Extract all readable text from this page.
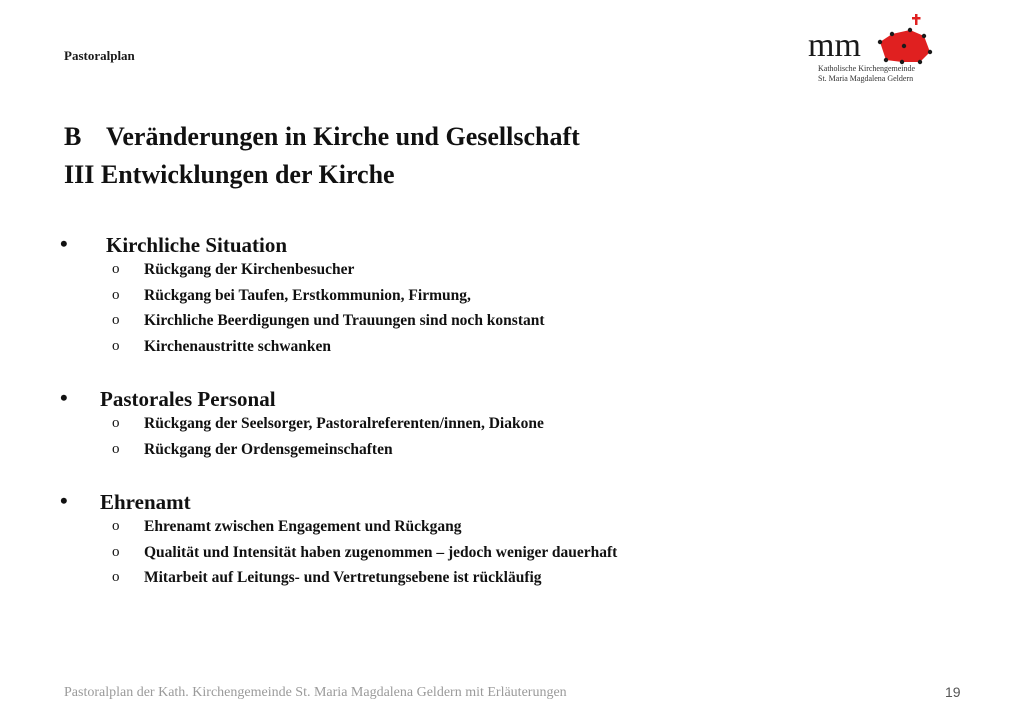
Pastoralplan	mm
Katholische Kirchengemeinde
St. Maria Magdalena Geldern
B Veränderungen in Kirche und Gesellschaft
III Entwicklungen der Kirche
•	Kirchliche Situation
o Rückgang der Kirchenbesucher
o Rückgang bei Taufen, Erstkommunion, Firmung,
o Kirchliche Beerdigungen und Trauungen sind noch konstant
o Kirchenaustritte schwanken
•	Pastorales Personal
o Rückgang der Seelsorger, Pastoralreferenten/innen, Diakone
o Rückgang der Ordensgemeinschaften
•	Ehrenamt
o Ehrenamt zwischen Engagement und Rückgang
o Qualität und Intensität haben zugenommen – jedoch weniger dauerhaft
o Mitarbeit auf Leitungs- und Vertretungsebene ist rückläufig
Pastoralplan der Kath. Kirchengemeinde St. Maria Magdalena Geldern mit Erläuterungen	19
